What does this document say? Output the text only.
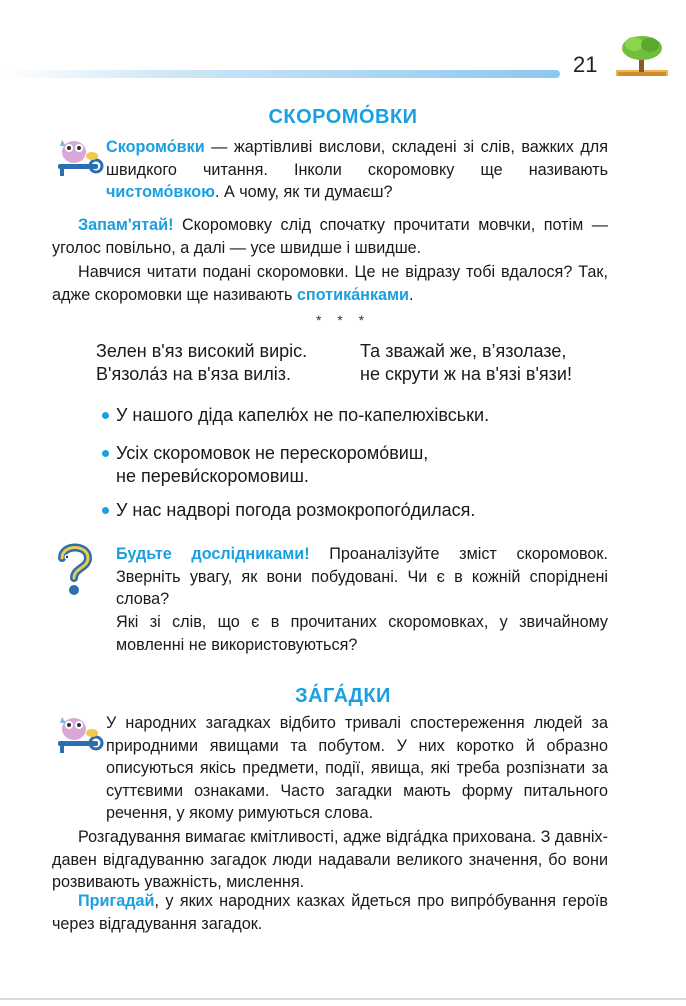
21
СКОРОМО́ВКИ
Скоромо́вки — жартівливі вислови, складені зі слів, важких для швидкого читання. Інколи скоромовку ще називають чистомо́вкою. А чому, як ти думаєш?
Запам'ятай! Скоромовку слід спочатку прочитати мовчки, потім — уголос повільно, а далі — усе швидше і швидше.
Навчися читати подані скоромовки. Це не відразу тобі вдалося? Так, адже скоромовки ще називають спотика́нками.
* * *
Зелен в'яз високий виріс.
В'язола́з на в'яза виліз.
Та зважай же, в’язолазе,
не скрути ж на в'язі в'язи!
У нашого діда капелю́х не по-капелюхівськи.
Усіх скоромовок не перескоромо́виш,
не переви́скоромовиш.
У нас надворі погода розмокропого́дилася.
Будьте дослідниками! Проаналізуйте зміст скоромовок. Зверніть увагу, як вони побудовані. Чи є в кожній споріднені слова?
Які зі слів, що є в прочитаних скоромовках, у звичайному мовленні не використовуються?
ЗА́ГА́ДКИ
У народних загадках відбито тривалі спостереження людей за природними явищами та побутом. У них коротко й образно описуються якісь предмети, події, явища, які треба розпізнати за суттєвими ознаками. Часто загадки мають форму питального речення, у якому римуються слова.
Розгадування вимагає кмітливості, адже відга́дка прихована. З давніх-давен відгадуванню загадок люди надавали великого значення, бо вони розвивають уважність, мислення.
Пригадай, у яких народних казках йдеться про випро́бування героїв через відгадування загадок.
